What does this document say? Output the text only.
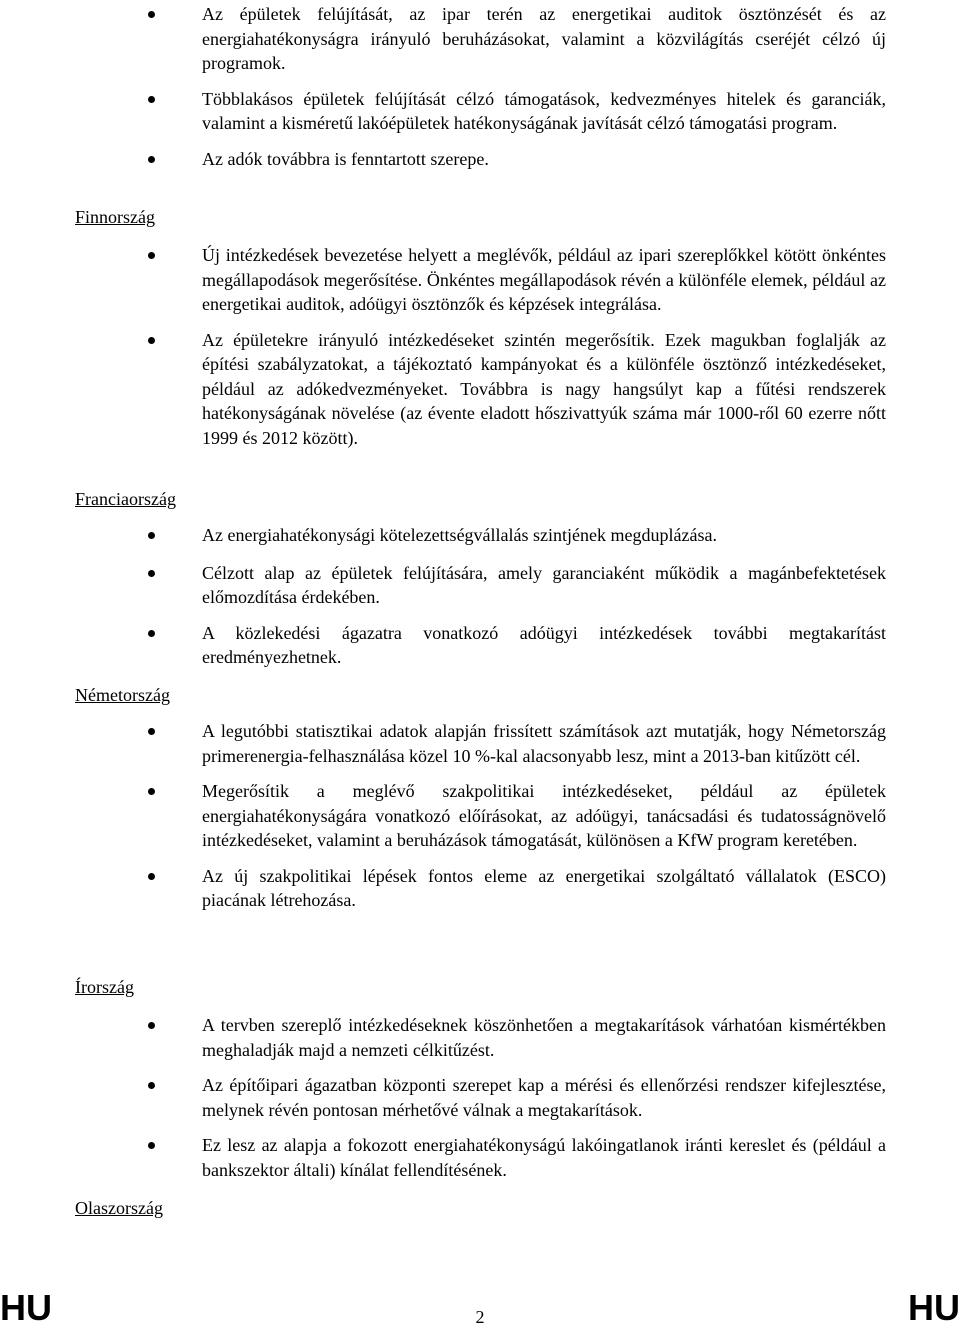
Az épületek felújítását, az ipar terén az energetikai auditok ösztönzését és az energiahatékonyságra irányuló beruházásokat, valamint a közvilágítás cseréjét célzó új programok.

Többlakásos épületek felújítását célzó támogatások, kedvezményes hitelek és garanciák, valamint a kisméretű lakóépületek hatékonyságának javítását célzó támogatási program.

Az adók továbbra is fenntartott szerepe.

Finnország

Új intézkedések bevezetése helyett a meglévők, például az ipari szereplőkkel kötött önkéntes megállapodások megerősítése. Önkéntes megállapodások révén a különféle elemek, például az energetikai auditok, adóügyi ösztönzők és képzések integrálása.

Az épületekre irányuló intézkedéseket szintén megerősítik. Ezek magukban foglalják az építési szabályzatokat, a tájékoztató kampányokat és a különféle ösztönző intézkedéseket, például az adókedvezményeket. Továbbra is nagy hangsúlyt kap a fűtési rendszerek hatékonyságának növelése (az évente eladott hőszivattyúk száma már 1000-ről 60 ezerre nőtt 1999 és 2012 között).

Franciaország

Az energiahatékonysági kötelezettségvállalás szintjének megduplázása.

Célzott alap az épületek felújítására, amely garanciaként működik a magánbefektetések előmozdítása érdekében.

A közlekedési ágazatra vonatkozó adóügyi intézkedések további megtakarítást eredményezhetnek.

Németország

A legutóbbi statisztikai adatok alapján frissített számítások azt mutatják, hogy Németország primerenergia-felhasználása közel 10 %-kal alacsonyabb lesz, mint a 2013-ban kitűzött cél.

Megerősítik a meglévő szakpolitikai intézkedéseket, például az épületek energiahatékonyságára vonatkozó előírásokat, az adóügyi, tanácsadási és tudatosságnövelő intézkedéseket, valamint a beruházások támogatását, különösen a KfW program keretében.

Az új szakpolitikai lépések fontos eleme az energetikai szolgáltató vállalatok (ESCO) piacának létrehozása.

Írország

A tervben szereplő intézkedéseknek köszönhetően a megtakarítások várhatóan kismértékben meghaladják majd a nemzeti célkitűzést.

Az építőipari ágazatban központi szerepet kap a mérési és ellenőrzési rendszer kifejlesztése, melynek révén pontosan mérhetővé válnak a megtakarítások.

Ez lesz az alapja a fokozott energiahatékonyságú lakóingatlanok iránti kereslet és (például a bankszektor általi) kínálat fellendítésének.

Olaszország
HU	2	HU
